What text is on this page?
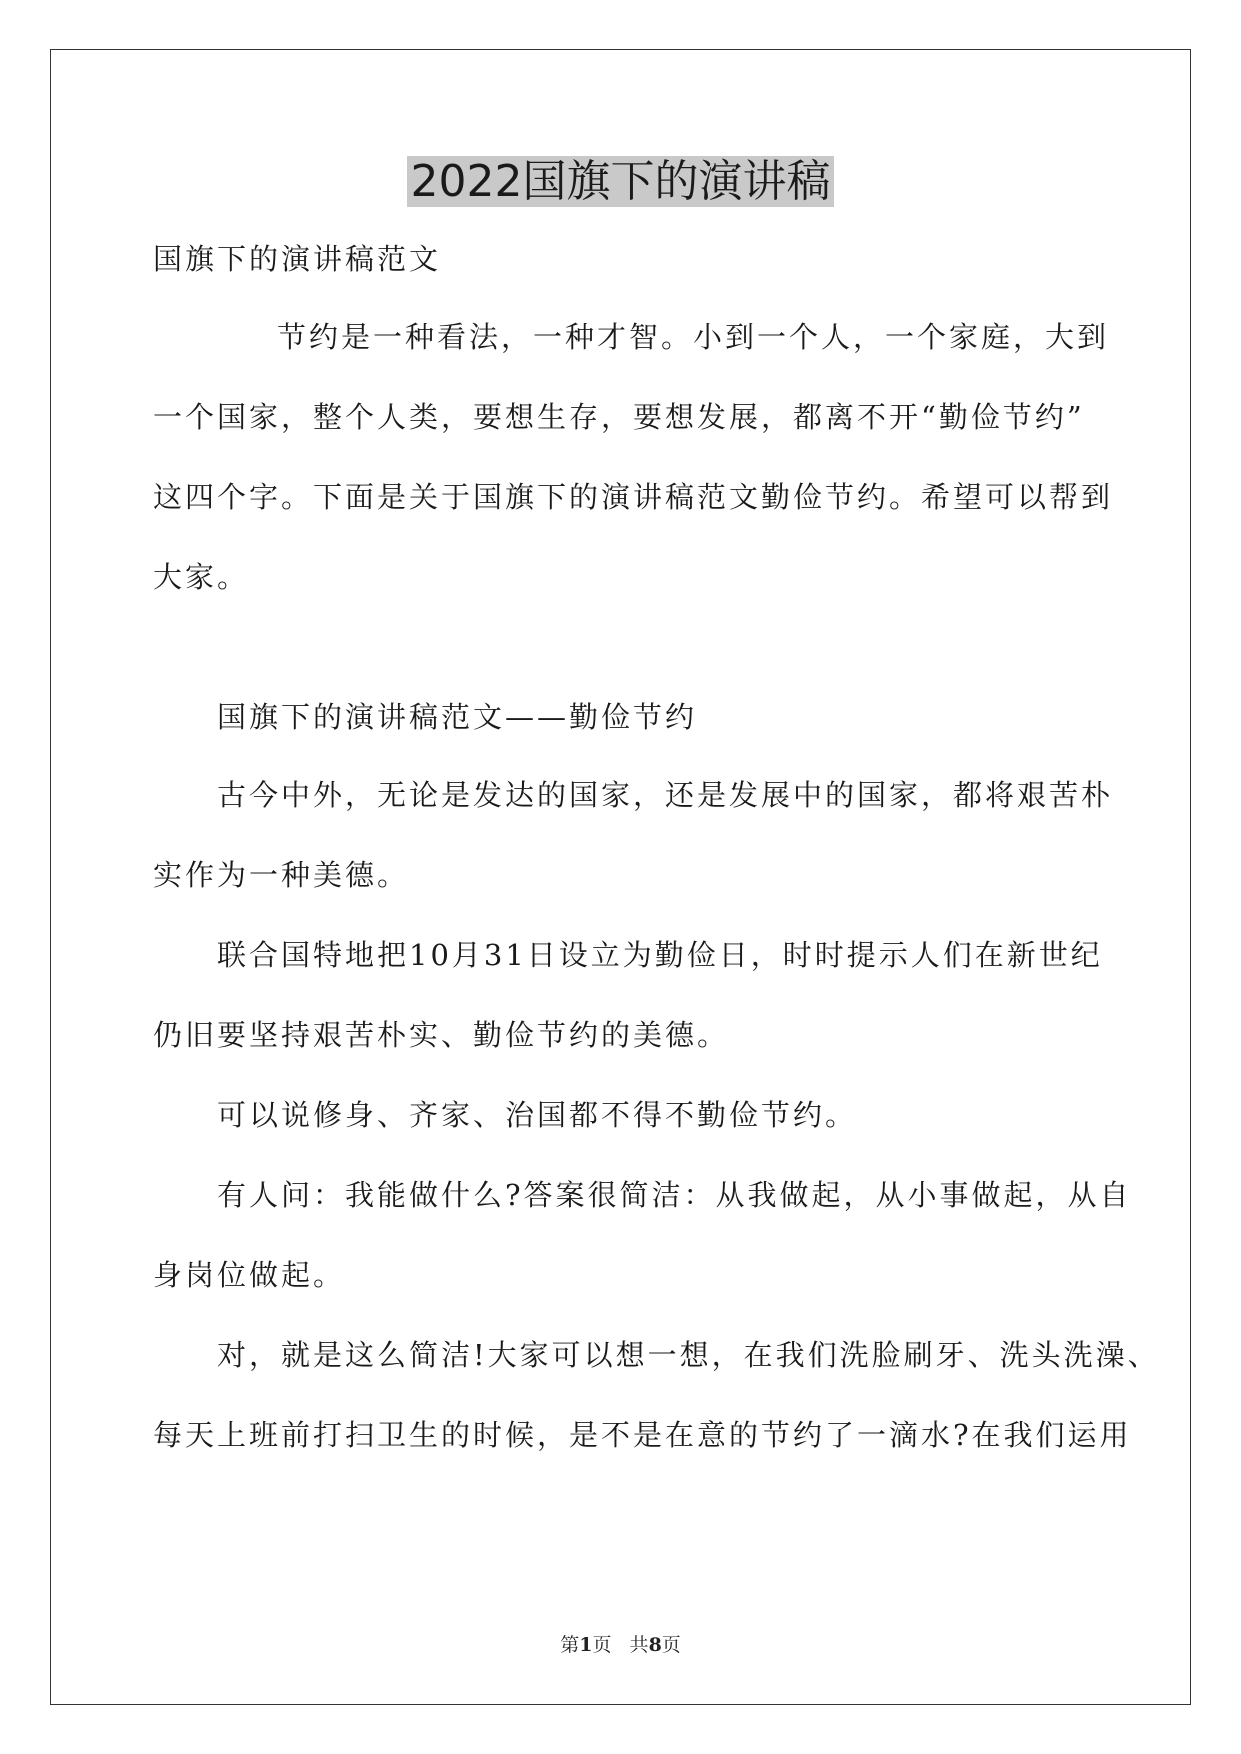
2022国旗下的演讲稿
国旗下的演讲稿范文
节约是一种看法，一种才智。小到一个人，一个家庭，大到
一个国家，整个人类，要想生存，要想发展，都离不开“勤俭节约”
这四个字。下面是关于国旗下的演讲稿范文勤俭节约。希望可以帮到
大家。
国旗下的演讲稿范文——勤俭节约
古今中外，无论是发达的国家，还是发展中的国家，都将艰苦朴
实作为一种美德。
联合国特地把10月31日设立为勤俭日，时时提示人们在新世纪
仍旧要坚持艰苦朴实、勤俭节约的美德。
可以说修身、齐家、治国都不得不勤俭节约。
有人问：我能做什么?答案很简洁：从我做起，从小事做起，从自
身岗位做起。
对，就是这么简洁!大家可以想一想，在我们洗脸刷牙、洗头洗澡、
每天上班前打扫卫生的时候，是不是在意的节约了一滴水?在我们运用
第1页   共8页
